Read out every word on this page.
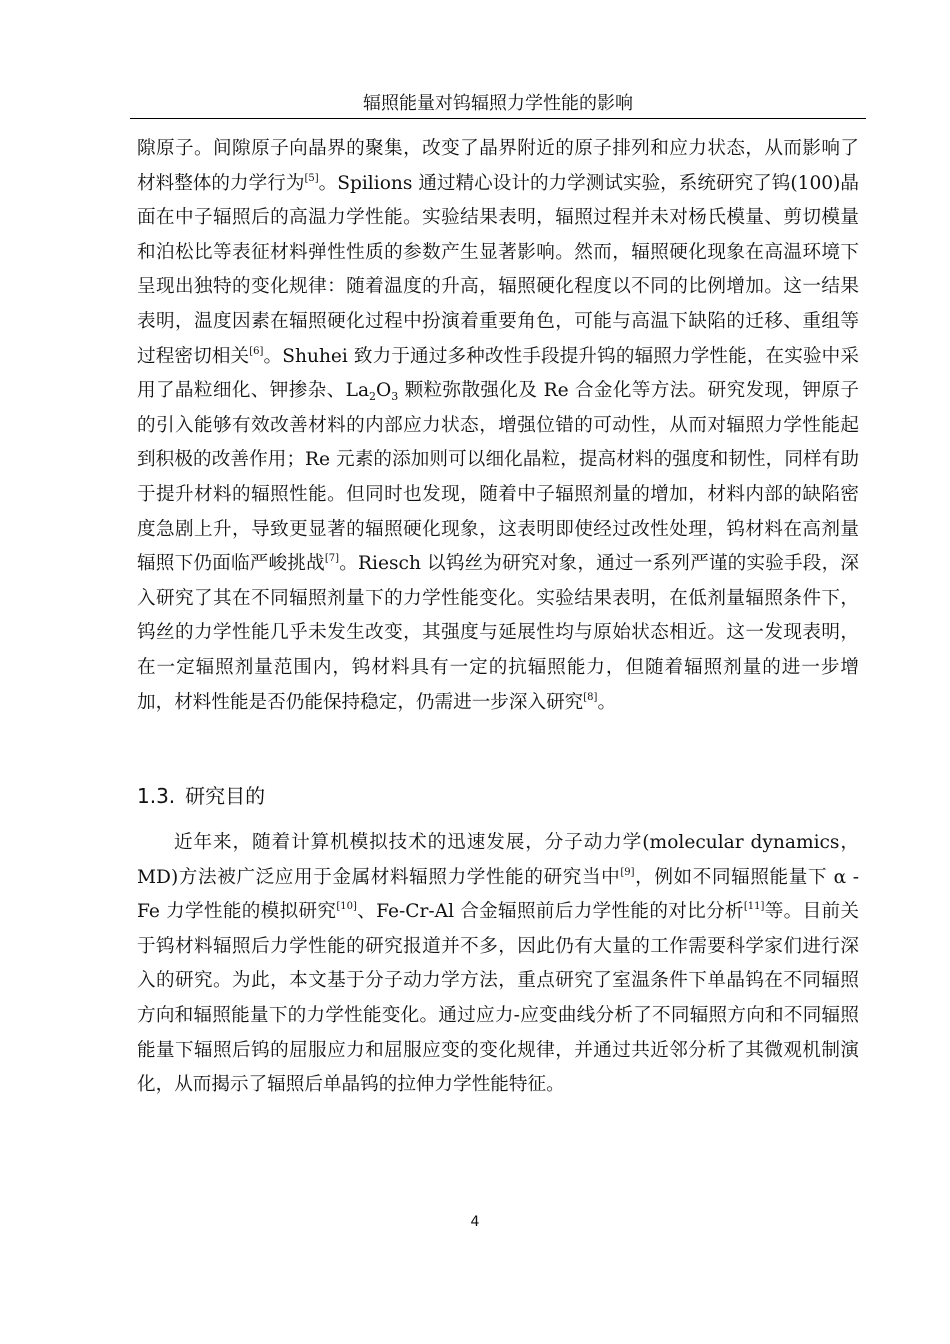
辐照能量对钨辐照力学性能的影响

隙原子。间隙原子向晶界的聚集，改变了晶界附近的原子排列和应力状态，从而影响了材料整体的力学行为[5]。Spilions 通过精心设计的力学测试实验，系统研究了钨(100)晶面在中子辐照后的高温力学性能。实验结果表明，辐照过程并未对杨氏模量、剪切模量和泊松比等表征材料弹性性质的参数产生显著影响。然而，辐照硬化现象在高温环境下呈现出独特的变化规律：随着温度的升高，辐照硬化程度以不同的比例增加。这一结果表明，温度因素在辐照硬化过程中扮演着重要角色，可能与高温下缺陷的迁移、重组等过程密切相关[6]。Shuhei 致力于通过多种改性手段提升钨的辐照力学性能，在实验中采用了晶粒细化、钾掺杂、$La_2O_3$ 颗粒弥散强化及 Re 合金化等方法。研究发现，钾原子的引入能够有效改善材料的内部应力状态，增强位错的可动性，从而对辐照力学性能起到积极的改善作用；Re 元素的添加则可以细化晶粒，提高材料的强度和韧性，同样有助于提升材料的辐照性能。但同时也发现，随着中子辐照剂量的增加，材料内部的缺陷密度急剧上升，导致更显著的辐照硬化现象，这表明即使经过改性处理，钨材料在高剂量辐照下仍面临严峻挑战[7]。Riesch 以钨丝为研究对象，通过一系列严谨的实验手段，深入研究了其在不同辐照剂量下的力学性能变化。实验结果表明，在低剂量辐照条件下，钨丝的力学性能几乎未发生改变，其强度与延展性均与原始状态相近。这一发现表明，在一定辐照剂量范围内，钨材料具有一定的抗辐照能力，但随着辐照剂量的进一步增加，材料性能是否仍能保持稳定，仍需进一步深入研究[8]。

1.3. 研究目的

近年来，随着计算机模拟技术的迅速发展，分子动力学(molecular dynamics，MD)方法被广泛应用于金属材料辐照力学性能的研究当中[9]，例如不同辐照能量下 α - Fe 力学性能的模拟研究[10]、Fe-Cr-Al 合金辐照前后力学性能的对比分析[11]等。目前关于钨材料辐照后力学性能的研究报道并不多，因此仍有大量的工作需要科学家们进行深入的研究。为此，本文基于分子动力学方法，重点研究了室温条件下单晶钨在不同辐照方向和辐照能量下的力学性能变化。通过应力-应变曲线分析了不同辐照方向和不同辐照能量下辐照后钨的屈服应力和屈服应变的变化规律，并通过共近邻分析了其微观机制演化，从而揭示了辐照后单晶钨的拉伸力学性能特征。

4
